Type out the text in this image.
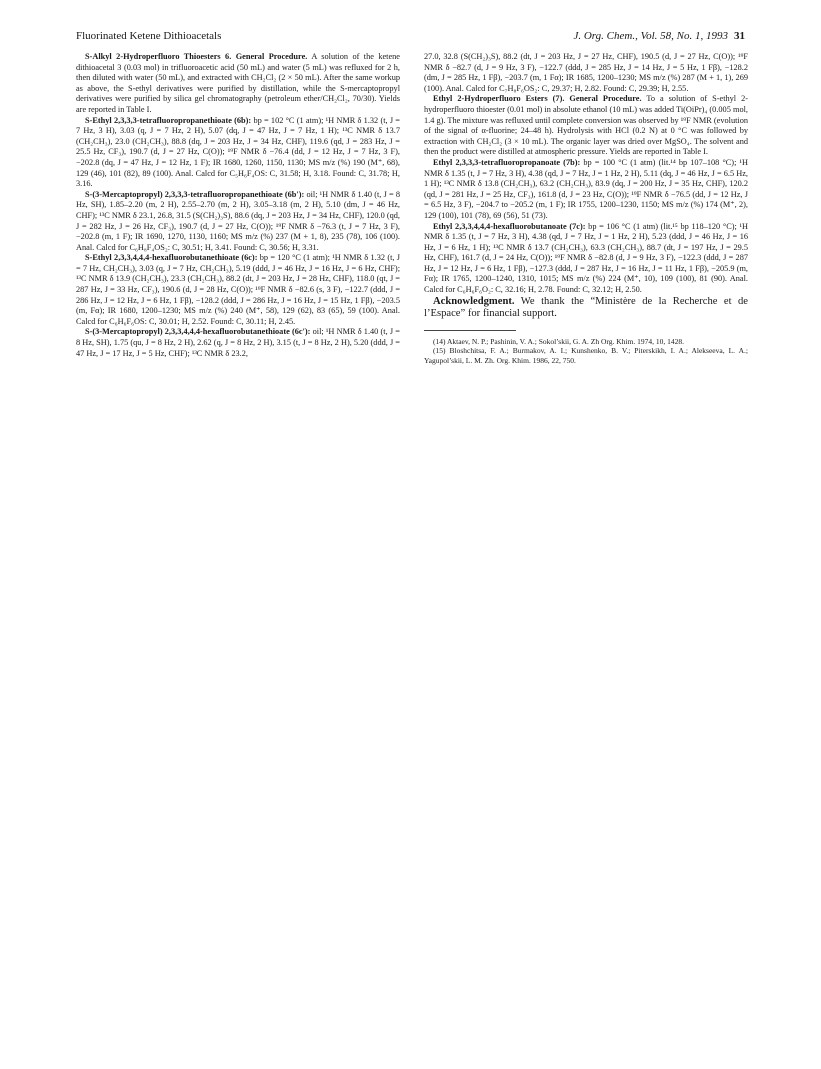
Fluorinated Ketene Dithioacetals	J. Org. Chem., Vol. 58, No. 1, 1993 31

S-Alkyl 2-Hydroperfluoro Thioesters 6. General Procedure. A solution of the ketene dithioacetal 3 (0.03 mol) in trifluoroacetic acid (50 mL) and water (5 mL) was refluxed for 2 h, then diluted with water (50 mL), and extracted with CH₂Cl₂ (2 × 50 mL). After the same workup as above, the S-ethyl derivatives were purified by distillation, while the S-mercaptopropyl derivatives were purified by silica gel chromatography (petroleum ether/CH₂Cl₂, 70/30). Yields are reported in Table I.

S-Ethyl 2,3,3,3-tetrafluoropropanethioate (6b): bp = 102 °C (1 atm); ¹H NMR δ 1.32 (t, J = 7 Hz, 3 H), 3.03 (q, J = 7 Hz, 2 H), 5.07 (dq, J = 47 Hz, J = 7 Hz, 1 H); ¹³C NMR δ 13.7 (CH₂CH₃), 23.0 (CH₂CH₃), 88.8 (dq, J = 203 Hz, J = 34 Hz, CHF), 119.6 (qd, J = 283 Hz, J = 25.5 Hz, CF₃), 190.7 (d, J = 27 Hz, C(O)); ¹⁹F NMR δ −76.4 (dd, J = 12 Hz, J = 7 Hz, 3 F), −202.8 (dq, J = 47 Hz, J = 12 Hz, 1 F); IR 1680, 1260, 1150, 1130; MS m/z (%) 190 (M⁺, 68), 129 (46), 101 (82), 89 (100). Anal. Calcd for C₅H₆F₄OS: C, 31.58; H, 3.18. Found: C, 31.78; H, 3.16.

S-(3-Mercaptopropyl) 2,3,3,3-tetrafluoropropanethioate (6b′): oil; ¹H NMR δ 1.40 (t, J = 8 Hz, SH), 1.85–2.20 (m, 2 H), 2.55–2.70 (m, 2 H), 3.05–3.18 (m, 2 H), 5.10 (dm, J = 46 Hz, CHF); ¹³C NMR δ 23.1, 26.8, 31.5 (S(CH₂)₃S), 88.6 (dq, J = 203 Hz, J = 34 Hz, CHF), 120.0 (qd, J = 282 Hz, J = 26 Hz, CF₃), 190.7 (d, J = 27 Hz, C(O)); ¹⁹F NMR δ −76.3 (t, J = 7 Hz, 3 F), −202.8 (m, 1 F); IR 1690, 1270, 1130, 1160; MS m/z (%) 237 (M + 1, 8), 235 (78), 106 (100). Anal. Calcd for C₆H₈F₄OS₂: C, 30.51; H, 3.41. Found: C, 30.56; H, 3.31.

S-Ethyl 2,3,3,4,4,4-hexafluorobutanethioate (6c): bp = 120 °C (1 atm); ¹H NMR δ 1.32 (t, J = 7 Hz, CH₂CH₃), 3.03 (q, J = 7 Hz, CH₂CH₃), 5.19 (ddd, J = 46 Hz, J = 16 Hz, J = 6 Hz, CHF); ¹³C NMR δ 13.9 (CH₂CH₃), 23.3 (CH₂CH₃), 88.2 (dt, J = 203 Hz, J = 28 Hz, CHF), 118.0 (qt, J = 287 Hz, J = 33 Hz, CF₃), 190.6 (d, J = 28 Hz, C(O)); ¹⁹F NMR δ −82.6 (s, 3 F), −122.7 (ddd, J = 286 Hz, J = 12 Hz, J = 6 Hz, 1 Fβ), −128.2 (ddd, J = 286 Hz, J = 16 Hz, J = 15 Hz, 1 Fβ), −203.5 (m, Fα); IR 1680, 1200–1230; MS m/z (%) 240 (M⁺, 58), 129 (62), 83 (65), 59 (100). Anal. Calcd for C₆H₆F₆OS: C, 30.01; H, 2.52. Found: C, 30.11; H, 2.45.

S-(3-Mercaptopropyl) 2,3,3,4,4,4-hexafluorobutanethioate (6c′): oil; ¹H NMR δ 1.40 (t, J = 8 Hz, SH), 1.75 (qu, J = 8 Hz, 2 H), 2.62 (q, J = 8 Hz, 2 H), 3.15 (t, J = 8 Hz, 2 H), 5.20 (ddd, J = 47 Hz, J = 17 Hz, J = 5 Hz, CHF); ¹³C NMR δ 23.2,

27.0, 32.8 (S(CH₂)₃S), 88.2 (dt, J = 203 Hz, J = 27 Hz, CHF), 190.5 (d, J = 27 Hz, C(O)); ¹⁹F NMR δ −82.7 (d, J = 9 Hz, 3 F), −122.7 (ddd, J = 285 Hz, J = 14 Hz, J = 5 Hz, 1 Fβ), −128.2 (dm, J = 285 Hz, 1 Fβ), −203.7 (m, 1 Fα); IR 1685, 1200–1230; MS m/z (%) 287 (M + 1, 1), 269 (100). Anal. Calcd for C₇H₈F₆OS₂: C, 29.37; H, 2.82. Found: C, 29.39; H, 2.55.

Ethyl 2-Hydroperfluoro Esters (7). General Procedure. To a solution of S-ethyl 2-hydroperfluoro thioester (0.01 mol) in absolute ethanol (10 mL) was added Ti(OiPr)₄ (0.005 mol, 1.4 g). The mixture was refluxed until complete conversion was observed by ¹⁹F NMR (evolution of the signal of α-fluorine; 24–48 h). Hydrolysis with HCl (0.2 N) at 0 °C was followed by extraction with CH₂Cl₂ (3 × 10 mL). The organic layer was dried over MgSO₄. The solvent and then the product were distilled at atmospheric pressure. Yields are reported in Table I.

Ethyl 2,3,3,3-tetrafluoropropanoate (7b): bp = 100 °C (1 atm) (lit.¹⁴ bp 107–108 °C); ¹H NMR δ 1.35 (t, J = 7 Hz, 3 H), 4.38 (qd, J = 7 Hz, J = 1 Hz, 2 H), 5.11 (dq, J = 46 Hz, J = 6.5 Hz, 1 H); ¹³C NMR δ 13.8 (CH₂CH₃), 63.2 (CH₂CH₃), 83.9 (dq, J = 200 Hz, J = 35 Hz, CHF), 120.2 (qd, J = 281 Hz, J = 25 Hz, CF₃), 161.8 (d, J = 23 Hz, C(O)); ¹⁹F NMR δ −76.5 (dd, J = 12 Hz, J = 6.5 Hz, 3 F), −204.7 to −205.2 (m, 1 F); IR 1755, 1200–1230, 1150; MS m/z (%) 174 (M⁺, 2), 129 (100), 101 (78), 69 (56), 51 (73).

Ethyl 2,3,3,4,4,4-hexafluorobutanoate (7c): bp = 106 °C (1 atm) (lit.¹⁵ bp 118–120 °C); ¹H NMR δ 1.35 (t, J = 7 Hz, 3 H), 4.38 (qd, J = 7 Hz, J = 1 Hz, 2 H), 5.23 (ddd, J = 46 Hz, J = 16 Hz, J = 6 Hz, 1 H); ¹³C NMR δ 13.7 (CH₂CH₃), 63.3 (CH₂CH₃), 88.7 (dt, J = 197 Hz, J = 29.5 Hz, CHF), 161.7 (d, J = 24 Hz, C(O)); ¹⁹F NMR δ −82.8 (d, J = 9 Hz, 3 F), −122.3 (ddd, J = 287 Hz, J = 12 Hz, J = 6 Hz, 1 Fβ), −127.3 (ddd, J = 287 Hz, J = 16 Hz, J = 11 Hz, 1 Fβ), −205.9 (m, Fα); IR 1765, 1200–1240, 1310, 1015; MS m/z (%) 224 (M⁺, 10), 109 (100), 81 (90). Anal. Calcd for C₆H₆F₆O₂: C, 32.16; H, 2.78. Found: C, 32.12; H, 2.50.

Acknowledgment. We thank the “Ministère de la Recherche et de l’Espace” for financial support.

(14) Aktaev, N. P.; Pashinin, V. A.; Sokol’skii, G. A. Zh Org. Khim. 1974, 10, 1428.

(15) Bloshchitsa, F. A.; Burmakov, A. I.; Kunshenko, B. V.; Piterskikh, I. A.; Alekseeva, L. A.; Yagupol’skii, L. M. Zh. Org. Khim. 1986, 22, 750.
